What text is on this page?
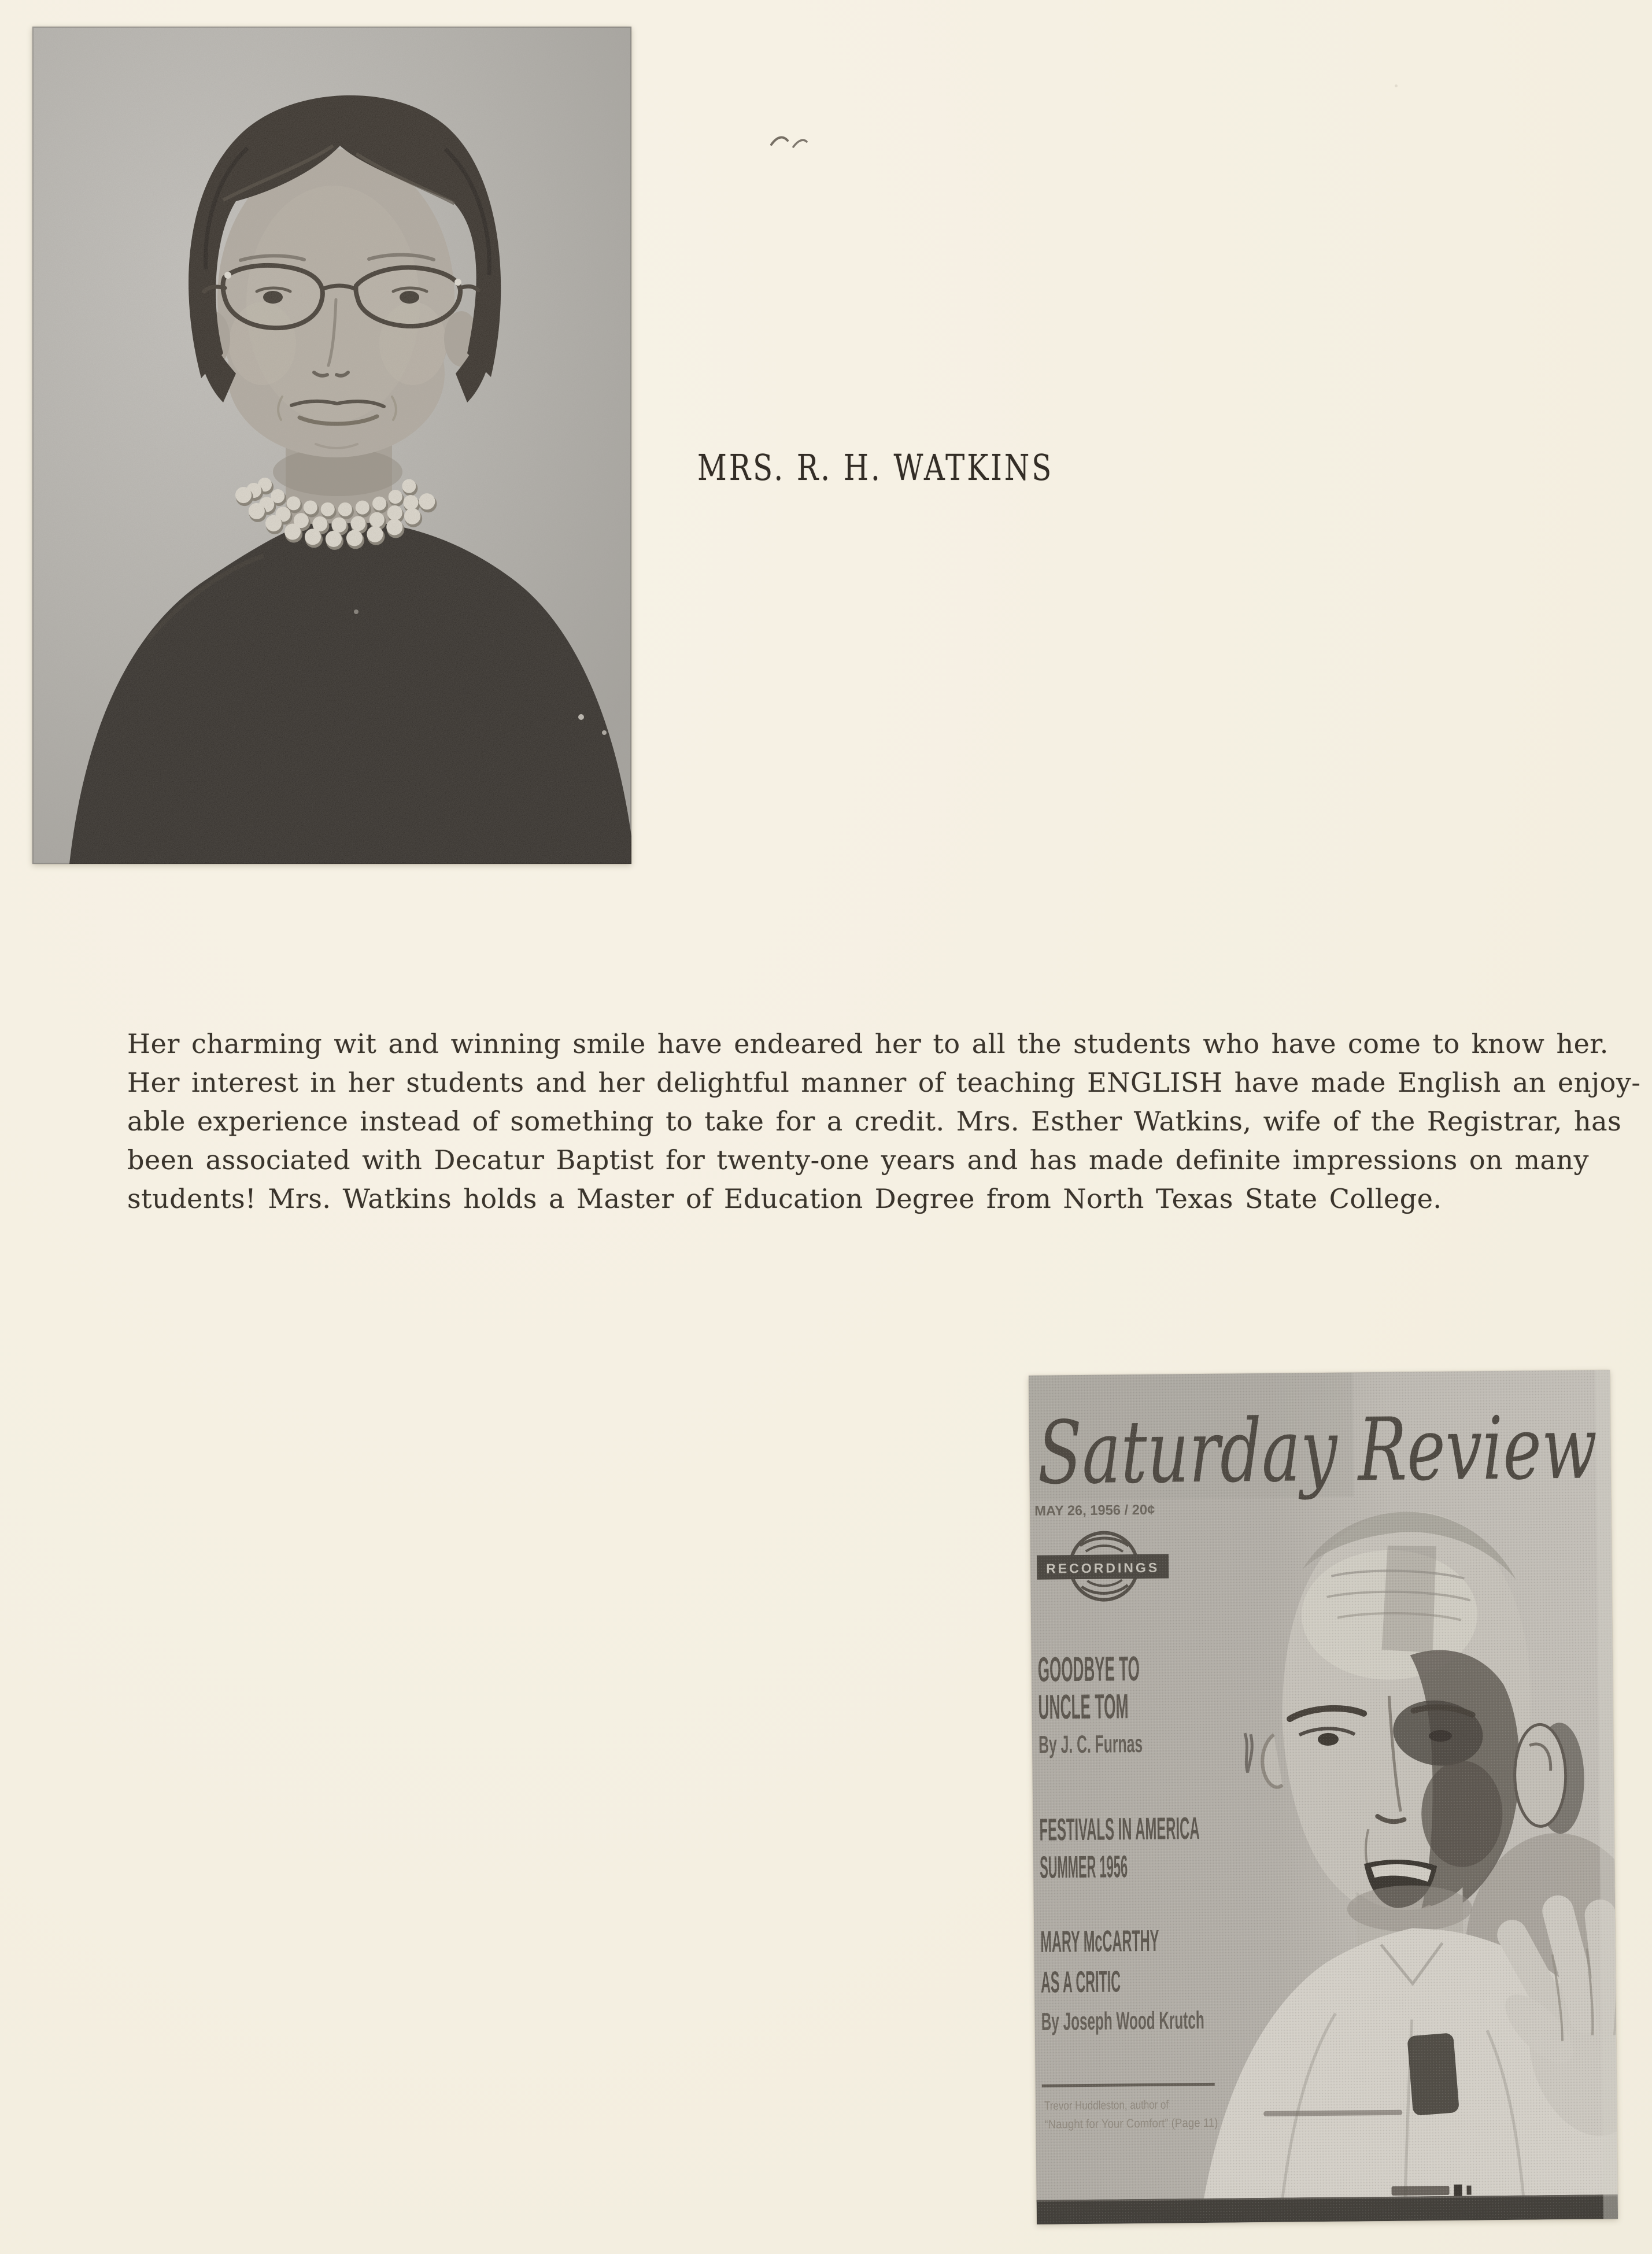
MRS. R. H. WATKINS
Her charming wit and winning smile have endeared her to all the students who have come to know her.
Her interest in her students and her delightful manner of teaching ENGLISH have made English an enjoy-
able experience instead of something to take for a credit. Mrs. Esther Watkins, wife of the Registrar, has
been associated with Decatur Baptist for twenty-one years and has made definite impressions on many
students! Mrs. Watkins holds a Master of Education Degree from North Texas State College.
